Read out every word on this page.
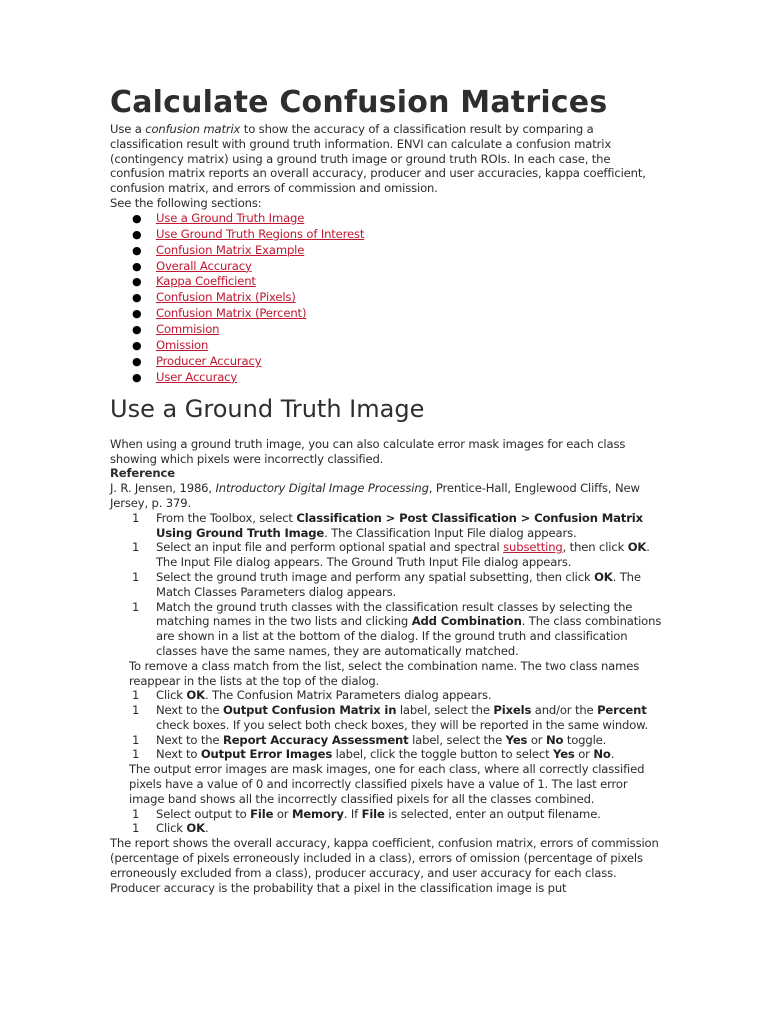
Calculate Confusion Matrices
Use a confusion matrix to show the accuracy of a classification result by comparing a classification result with ground truth information. ENVI can calculate a confusion matrix (contingency matrix) using a ground truth image or ground truth ROIs. In each case, the confusion matrix reports an overall accuracy, producer and user accuracies, kappa coefficient, confusion matrix, and errors of commission and omission.
See the following sections:
● Use a Ground Truth Image
● Use Ground Truth Regions of Interest
● Confusion Matrix Example
● Overall Accuracy
● Kappa Coefficient
● Confusion Matrix (Pixels)
● Confusion Matrix (Percent)
● Commision
● Omission
● Producer Accuracy
● User Accuracy
Use a Ground Truth Image
When using a ground truth image, you can also calculate error mask images for each class showing which pixels were incorrectly classified.
Reference
J. R. Jensen, 1986, Introductory Digital Image Processing, Prentice-Hall, Englewood Cliffs, New Jersey, p. 379.
1 From the Toolbox, select Classification > Post Classification > Confusion Matrix Using Ground Truth Image. The Classification Input File dialog appears.
1 Select an input file and perform optional spatial and spectral subsetting, then click OK. The Input File dialog appears. The Ground Truth Input File dialog appears.
1 Select the ground truth image and perform any spatial subsetting, then click OK. The Match Classes Parameters dialog appears.
1 Match the ground truth classes with the classification result classes by selecting the matching names in the two lists and clicking Add Combination. The class combinations are shown in a list at the bottom of the dialog. If the ground truth and classification classes have the same names, they are automatically matched.
To remove a class match from the list, select the combination name. The two class names reappear in the lists at the top of the dialog.
1 Click OK. The Confusion Matrix Parameters dialog appears.
1 Next to the Output Confusion Matrix in label, select the Pixels and/or the Percent check boxes. If you select both check boxes, they will be reported in the same window.
1 Next to the Report Accuracy Assessment label, select the Yes or No toggle.
1 Next to Output Error Images label, click the toggle button to select Yes or No.
The output error images are mask images, one for each class, where all correctly classified pixels have a value of 0 and incorrectly classified pixels have a value of 1. The last error image band shows all the incorrectly classified pixels for all the classes combined.
1 Select output to File or Memory. If File is selected, enter an output filename.
1 Click OK.
The report shows the overall accuracy, kappa coefficient, confusion matrix, errors of commission (percentage of pixels erroneously included in a class), errors of omission (percentage of pixels erroneously excluded from a class), producer accuracy, and user accuracy for each class. Producer accuracy is the probability that a pixel in the classification image is put
